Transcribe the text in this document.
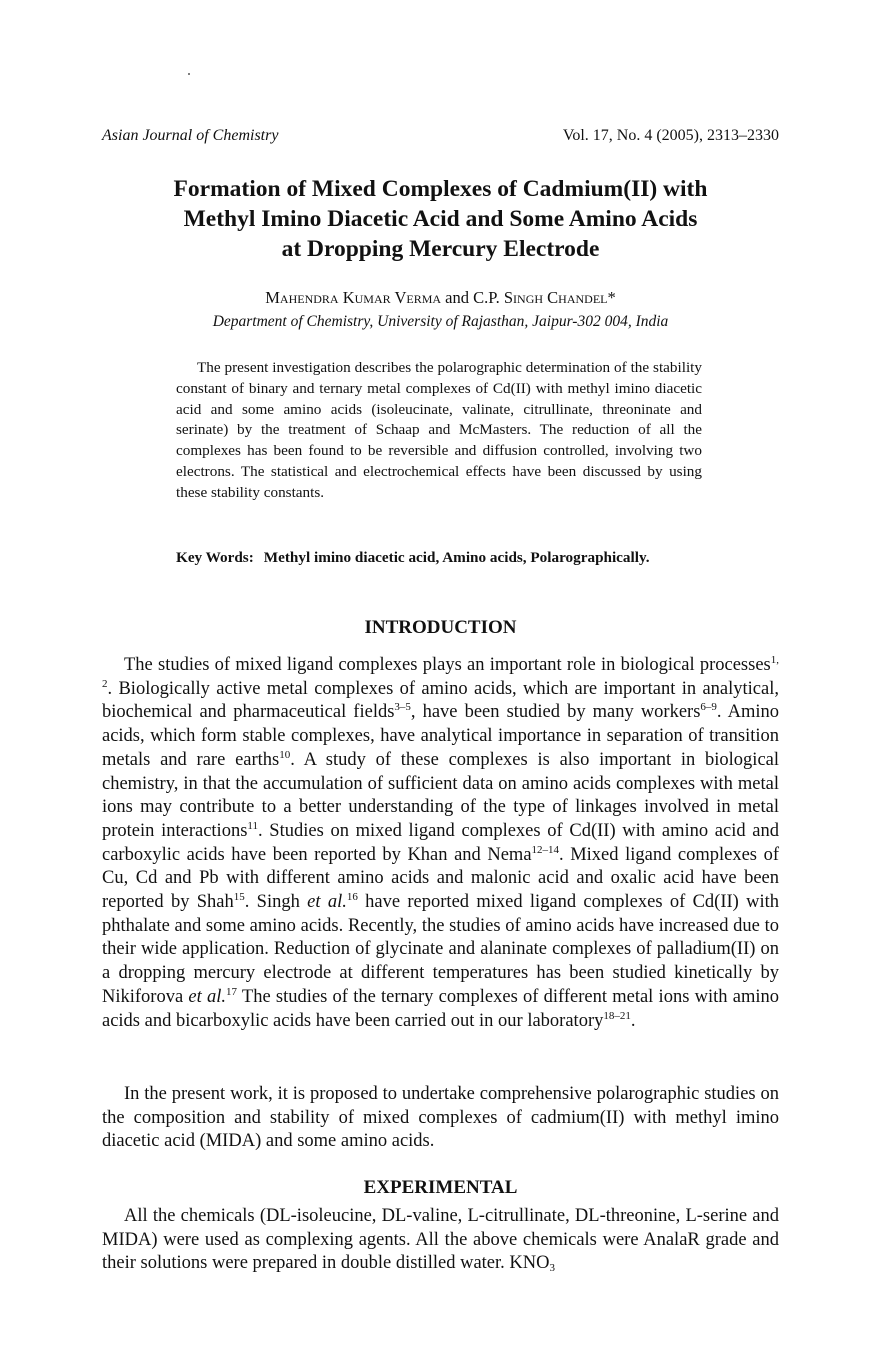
Asian Journal of Chemistry	Vol. 17, No. 4 (2005), 2313–2330
Formation of Mixed Complexes of Cadmium(II) with
Methyl Imino Diacetic Acid and Some Amino Acids
at Dropping Mercury Electrode
Mahendra Kumar Verma and C.P. Singh Chandel*
Department of Chemistry, University of Rajasthan, Jaipur-302 004, India

The present investigation describes the polarographic determination of the stability constant of binary and ternary metal complexes of Cd(II) with methyl imino diacetic acid and some amino acids (isoleucinate, valinate, citrullinate, threoninate and serinate) by the treatment of Schaap and McMasters. The reduction of all the complexes has been found to be reversible and diffusion controlled, involving two electrons. The statistical and electrochemical effects have been discussed by using these stability constants.

Key Words: Methyl imino diacetic acid, Amino acids, Polarographically.

INTRODUCTION

The studies of mixed ligand complexes plays an important role in biological processes$^{1, 2}$. Biologically active metal complexes of amino acids, which are important in analytical, biochemical and pharmaceutical fields$^{3-5}$, have been studied by many workers$^{6-9}$. Amino acids, which form stable complexes, have analytical importance in separation of transition metals and rare earths$^{10}$. A study of these complexes is also important in biological chemistry, in that the accumulation of sufficient data on amino acids complexes with metal ions may contribute to a better understanding of the type of linkages involved in metal protein interactions$^{11}$. Studies on mixed ligand complexes of Cd(II) with amino acid and carboxylic acids have been reported by Khan and Nema$^{12-14}$. Mixed ligand complexes of Cu, Cd and Pb with different amino acids and malonic acid and oxalic acid have been reported by Shah$^{15}$. Singh et al.$^{16}$ have reported mixed ligand complexes of Cd(II) with phthalate and some amino acids. Recently, the studies of amino acids have increased due to their wide application. Reduction of glycinate and alaninate complexes of palladium(II) on a dropping mercury electrode at different temperatures has been studied kinetically by Nikiforova et al.$^{17}$ The studies of the ternary complexes of different metal ions with amino acids and bicarboxylic acids have been carried out in our laboratory$^{18-21}$.

In the present work, it is proposed to undertake comprehensive polarographic studies on the composition and stability of mixed complexes of cadmium(II) with methyl imino diacetic acid (MIDA) and some amino acids.

EXPERIMENTAL

All the chemicals (DL-isoleucine, DL-valine, L-citrullinate, DL-threonine, L-serine and MIDA) were used as complexing agents. All the above chemicals were AnalaR grade and their solutions were prepared in double distilled water. $KNO_3$
